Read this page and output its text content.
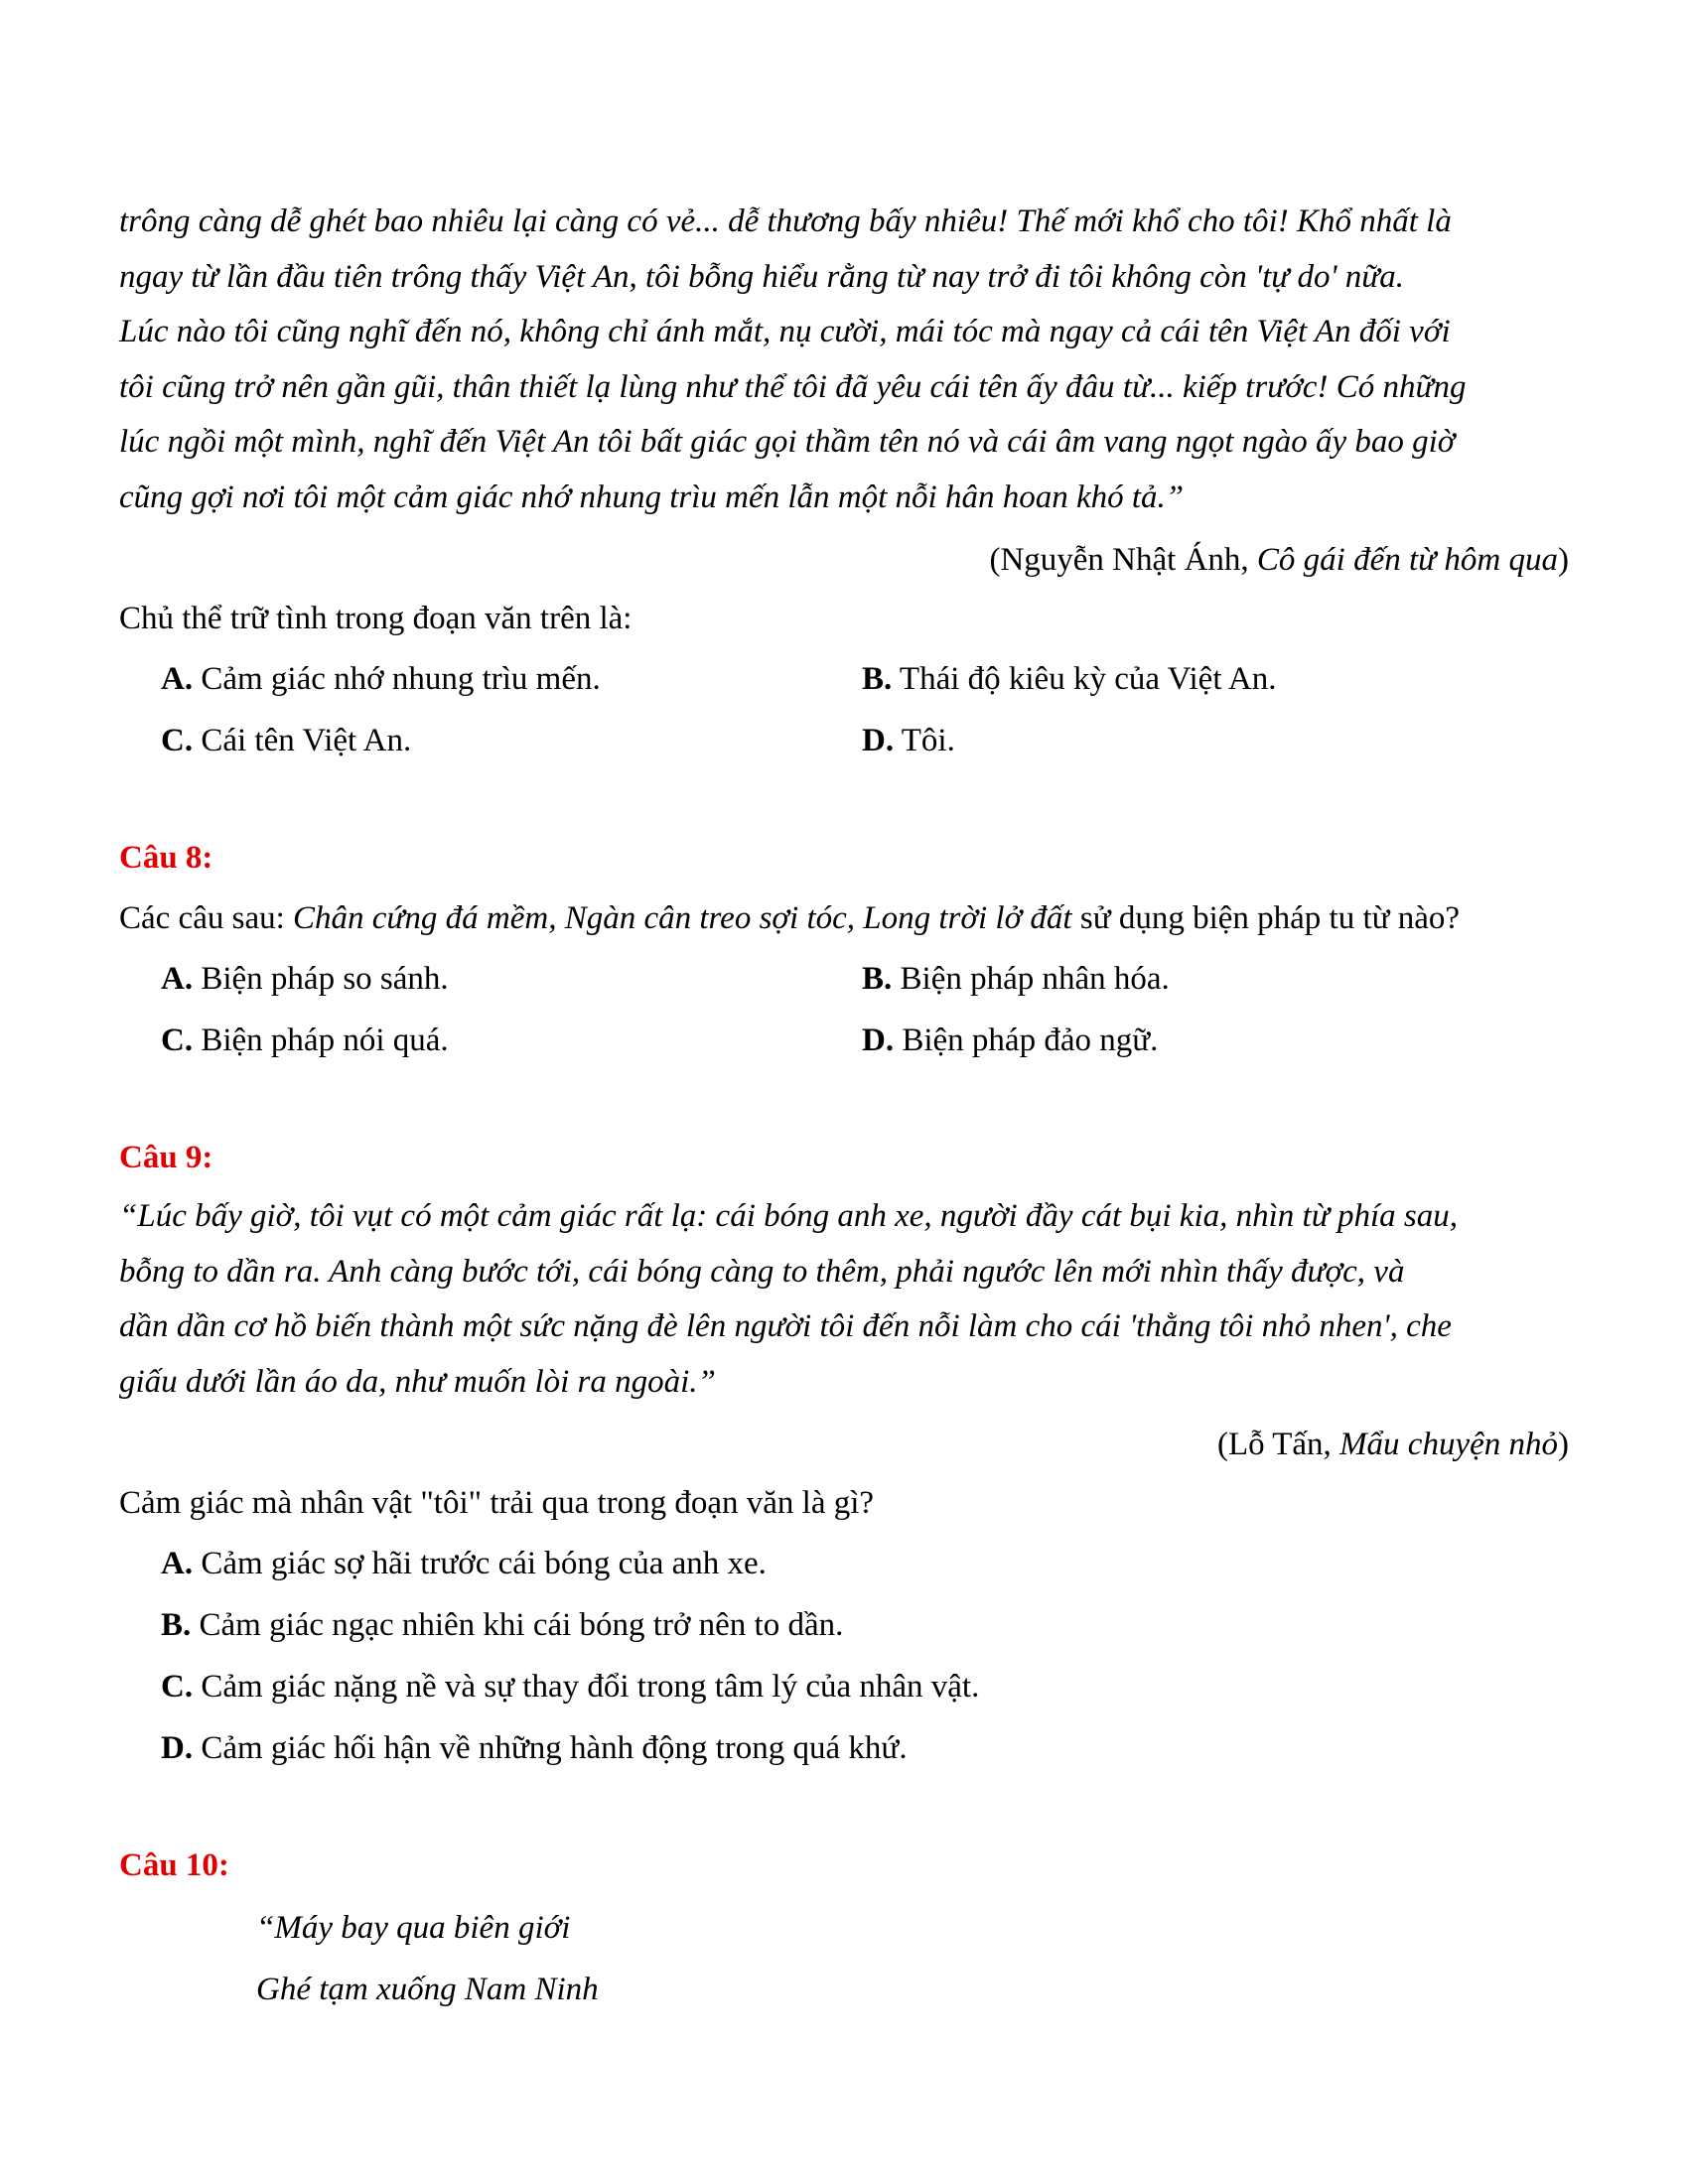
trông càng dễ ghét bao nhiêu lại càng có vẻ... dễ thương bấy nhiêu! Thế mới khổ cho tôi! Khổ nhất là

ngay từ lần đầu tiên trông thấy Việt An, tôi bỗng hiểu rằng từ nay trở đi tôi không còn 'tự do' nữa.

Lúc nào tôi cũng nghĩ đến nó, không chỉ ánh mắt, nụ cười, mái tóc mà ngay cả cái tên Việt An đối với

tôi cũng trở nên gần gũi, thân thiết lạ lùng như thể tôi đã yêu cái tên ấy đâu từ... kiếp trước! Có những

lúc ngồi một mình, nghĩ đến Việt An tôi bất giác gọi thầm tên nó và cái âm vang ngọt ngào ấy bao giờ

cũng gợi nơi tôi một cảm giác nhớ nhung trìu mến lẫn một nỗi hân hoan khó tả.”

(Nguyễn Nhật Ánh, Cô gái đến từ hôm qua)

Chủ thể trữ tình trong đoạn văn trên là:

A. Cảm giác nhớ nhung trìu mến.	B. Thái độ kiêu kỳ của Việt An.
C. Cái tên Việt An.	D. Tôi.

Câu 8:

Các câu sau: Chân cứng đá mềm, Ngàn cân treo sợi tóc, Long trời lở đất sử dụng biện pháp tu từ nào?

A. Biện pháp so sánh.	B. Biện pháp nhân hóa.
C. Biện pháp nói quá.	D. Biện pháp đảo ngữ.

Câu 9:

“Lúc bấy giờ, tôi vụt có một cảm giác rất lạ: cái bóng anh xe, người đầy cát bụi kia, nhìn từ phía sau,

bỗng to dần ra. Anh càng bước tới, cái bóng càng to thêm, phải ngước lên mới nhìn thấy được, và

dần dần cơ hồ biến thành một sức nặng đè lên người tôi đến nỗi làm cho cái 'thằng tôi nhỏ nhen', che

giấu dưới lần áo da, như muốn lòi ra ngoài.”

(Lỗ Tấn, Mẩu chuyện nhỏ)

Cảm giác mà nhân vật "tôi" trải qua trong đoạn văn là gì?

A. Cảm giác sợ hãi trước cái bóng của anh xe.
B. Cảm giác ngạc nhiên khi cái bóng trở nên to dần.
C. Cảm giác nặng nề và sự thay đổi trong tâm lý của nhân vật.
D. Cảm giác hối hận về những hành động trong quá khứ.

Câu 10:

“Máy bay qua biên giới
Ghé tạm xuống Nam Ninh
